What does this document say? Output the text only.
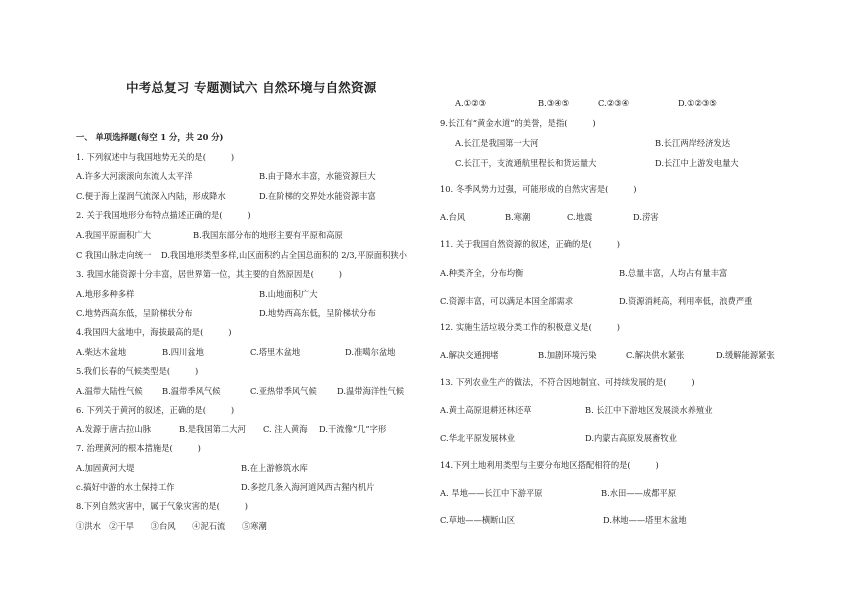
中考总复习 专题测试六 自然环境与自然资源
一、 单项选择题(每空 1 分，共 20 分)
1. 下列叙述中与我国地势无关的是(　　　)
A.许多大河滚滚向东流人太平洋	B.由于降水丰富，水能资源巨大
C.便于海上湿润气流深入内陆，形成降水	D.在阶梯的交界处水能资源丰富
2. 关于我国地形分布特点描述正确的是(　　　)
A.我国平原面积广大	B.我国东部分布的地形主要有平原和高原
C 我国山脉走向统一 D.我国地形类型多样,山区面积约占全国总面积的 2/3,平原面积狭小
3. 我国水能资源十分丰富，居世界第一位，其主要的自然原因是(　　　)
A.地形多种多样	B.山地面积广大
C.地势西高东低，呈阶梯状分布	D.地势西高东低，呈阶梯状分布
4.我国四大盆地中，海拔最高的是(　　　)
A.柴达木盆地	B.四川盆地	C.塔里木盆地	D.准噶尔盆地
5.我们长春的气候类型是(　　　)
A.温带大陆性气候 B.温带季风气候	C.亚热带季风气候 D.温带海洋性气候
6. 下列关于黄河的叙述，正确的是(　　　)
A.发源于唐古拉山脉	B.是我国第二大河 C. 注人黄海 D.干流像“几”字形
7. 治理黄河的根本措施是(　　　)
A.加固黄河大堤	B.在上游修筑水库
c.搞好中游的水土保持工作	D.多挖几条入海河道风西古猩内机片
8.下列自然灾害中，属于气象灾害的是(　　　)
①洪水　②干旱　　③台风　　④泥石流　　⑤寒潮
A.①②③	B.③④⑤	C.②③④	D.①②③⑤
9.长江有“黄金水道”的美誉，是指(　　　)
A.长江是我国第一大河	B.长江两岸经济发达
C.长江干，支流通航里程长和货运量大	D.长江中上游发电量大
10. 冬季风势力过强，可能形成的自然灾害是(　　　)
A.台风	B.寒潮	C.地震	D.涝害
11. 关于我国自然资源的叙述，正确的是(　　　)
A.种类齐全，分布均衡	B.总量丰富，人均占有量丰富
C.资源丰富，可以满足本国全部需求	D.资源消耗高，利用率低，浪费严重
12. 实施生活垃圾分类工作的积极意义是(　　　)
A.解决交通拥堵	B.加剧环境污染	C.解决供水紧张	D.缓解能源紧张
13. 下列农业生产的做法，不符合因地制宜、可持续发展的是(　　　)
A.黄土高原退耕还林还草	B. 长江中下游地区发展淡水养殖业
C.华北平原发展林业	D.内蒙古高原发展畜牧业
14.下列土地利用类型与主要分布地区搭配相符的是(　　　)
A. 旱地——长江中下游平原	B.水田——成都平原
C.草地——横断山区	D.林地——塔里木盆地
